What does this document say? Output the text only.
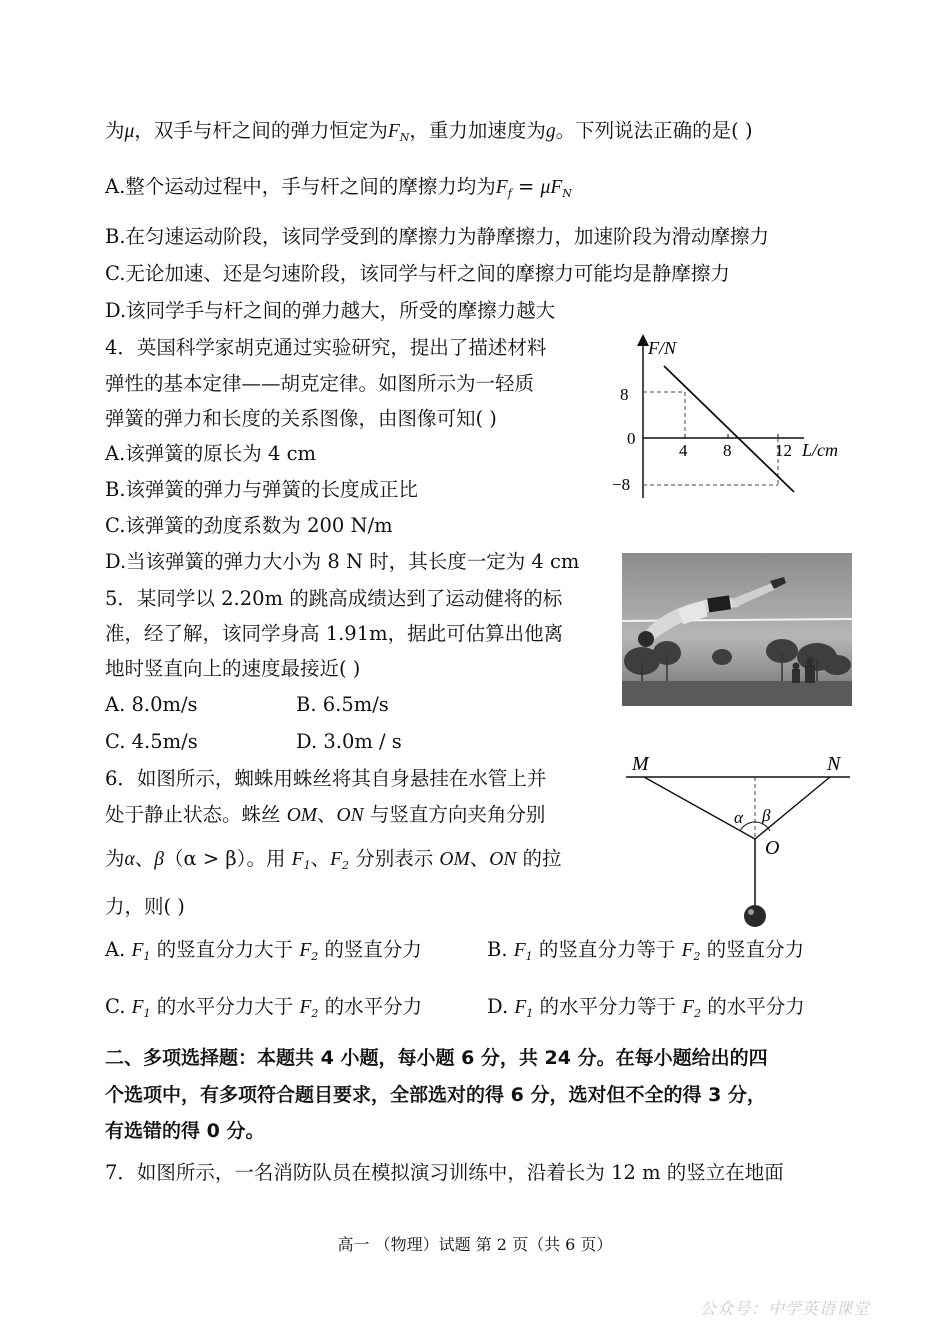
为μ，双手与杆之间的弹力恒定为$F_N$，重力加速度为g。下列说法正确的是( )
A.整个运动过程中，手与杆之间的摩擦力均为$F_f = \mu F_N$
B.在匀速运动阶段，该同学受到的摩擦力为静摩擦力，加速阶段为滑动摩擦力
C.无论加速、还是匀速阶段，该同学与杆之间的摩擦力可能均是静摩擦力
D.该同学手与杆之间的弹力越大，所受的摩擦力越大
4．英国科学家胡克通过实验研究，提出了描述材料
弹性的基本定律——胡克定律。如图所示为一轻质
弹簧的弹力和长度的关系图像，由图像可知( )
A.该弹簧的原长为 4 cm
B.该弹簧的弹力与弹簧的长度成正比
C.该弹簧的劲度系数为 200 N/m
D.当该弹簧的弹力大小为 8 N 时，其长度一定为 4 cm
F/N
8
0
−8
4 8	12 L/cm
5．某同学以 2.20m 的跳高成绩达到了运动健将的标
准，经了解，该同学身高 1.91m，据此可估算出他离
地时竖直向上的速度最接近( )
A. 8.0m/s	B. 6.5m/s
C. 4.5m/s	D. 3.0m / s
6．如图所示，蜘蛛用蛛丝将其自身悬挂在水管上并
处于静止状态。蛛丝 OM、ON 与竖直方向夹角分别
为α、β（α > β）。用 $F_1$、$F_2$ 分别表示 OM、ON 的拉
力，则( )
A. $F_1$ 的竖直分力大于 $F_2$ 的竖直分力	B. $F_1$ 的竖直分力等于 $F_2$ 的竖直分力
C. $F_1$ 的水平分力大于 $F_2$ 的水平分力	D. $F_1$ 的水平分力等于 $F_2$ 的水平分力
M	N
O
α β
二、多项选择题：本题共 4 小题，每小题 6 分，共 24 分。在每小题给出的四
个选项中，有多项符合题目要求，全部选对的得 6 分，选对但不全的得 3 分，
有选错的得 0 分。
7．如图所示，一名消防队员在模拟演习训练中，沿着长为 12 m 的竖立在地面
高一 （物理）试题 第 2 页（共 6 页）
公众号：中学英语课堂
